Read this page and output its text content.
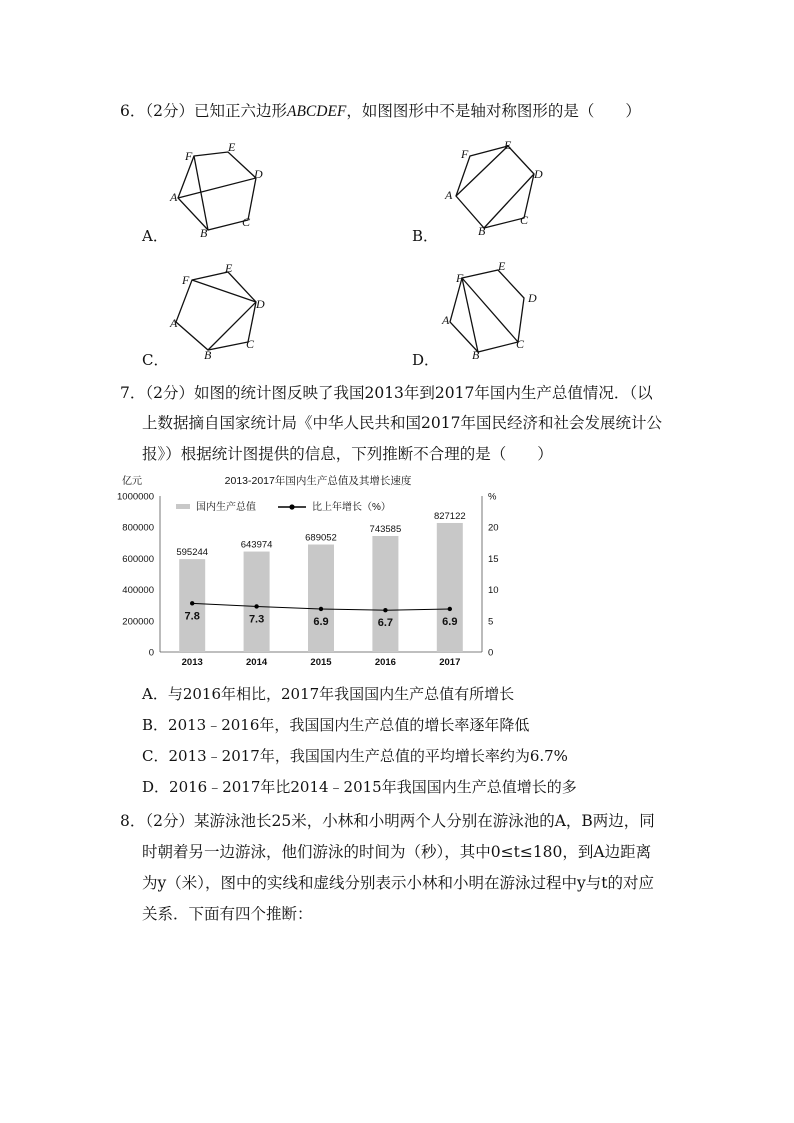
6．（2分）已知正六边形ABCDEF，如图图形中不是轴对称图形的是（　　）
F
E
D
C
B
A
A．
F
E
D
C
B
A
B．
F
E
D
C
B
A
C．
F
E
D
C
B
A
D．
7．（2分）如图的统计图反映了我国2013年到2017年国内生产总值情况．（以
上数据摘自国家统计局《中华人民共和国2017年国民经济和社会发展统计公
报》）根据统计图提供的信息，下列推断不合理的是（　　）
2013-2017年国内生产总值及其增长速度
亿元
1000000
800000
600000
400000
200000
0
%
20
15
10
5
0
595244
2013
643974
2014
689052
2015
743585
2016
827122
2017
7.8	7.3	6.9	6.7	6.9
国内生产总值	比上年增长（%）
A．与2016年相比，2017年我国国内生产总值有所增长
B．2013﹣2016年，我国国内生产总值的增长率逐年降低
C．2013﹣2017年，我国国内生产总值的平均增长率约为6.7%
D．2016﹣2017年比2014﹣2015年我国国内生产总值增长的多
8．（2分）某游泳池长25米，小林和小明两个人分别在游泳池的A，B两边，同
时朝着另一边游泳，他们游泳的时间为（秒），其中0≤t≤180，到A边距离
为y（米），图中的实线和虚线分别表示小林和小明在游泳过程中y与t的对应
关系．下面有四个推断：
